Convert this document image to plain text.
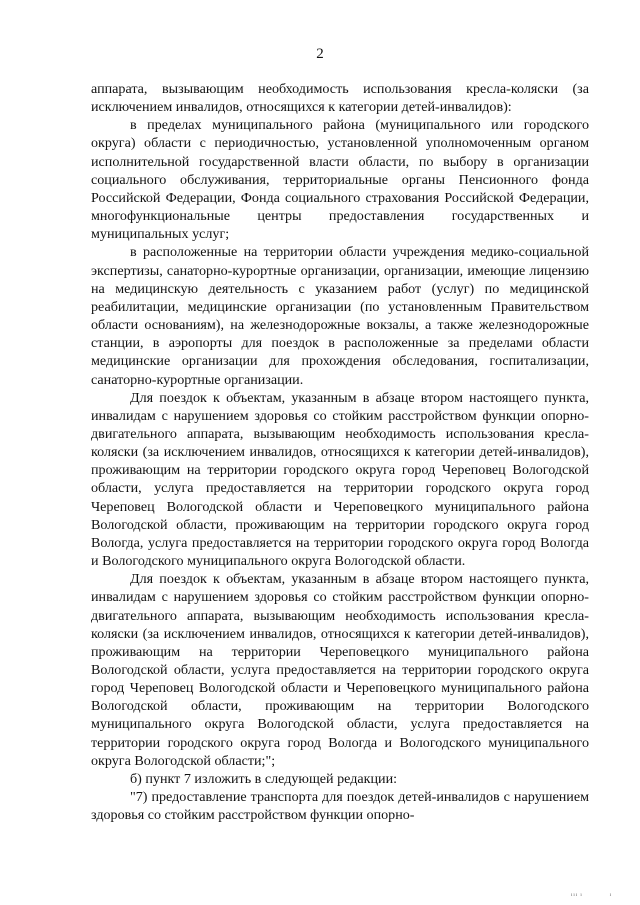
2

аппарата, вызывающим необходимость использования кресла-коляски (за исключением инвалидов, относящихся к категории детей-инвалидов):

в пределах муниципального района (муниципального или городского округа) области с периодичностью, установленной уполномоченным органом исполнительной государственной власти области, по выбору в организации социального обслуживания, территориальные органы Пенсионного фонда Российской Федерации, Фонда социального страхования Российской Федерации, многофункциональные центры предоставления государственных и муниципальных услуг;

в расположенные на территории области учреждения медико-социальной экспертизы, санаторно-курортные организации, организации, имеющие лицензию на медицинскую деятельность с указанием работ (услуг) по медицинской реабилитации, медицинские организации (по установленным Правительством области основаниям), на железнодорожные вокзалы, а также железнодорожные станции, в аэропорты для поездок в расположенные за пределами области медицинские организации для прохождения обследования, госпитализации, санаторно-курортные организации.

Для поездок к объектам, указанным в абзаце втором настоящего пункта, инвалидам с нарушением здоровья со стойким расстройством функции опорно-двигательного аппарата, вызывающим необходимость использования кресла-коляски (за исключением инвалидов, относящихся к категории детей-инвалидов), проживающим на территории городского округа город Череповец Вологодской области, услуга предоставляется на территории городского округа город Череповец Вологодской области и Череповецкого муниципального района Вологодской области, проживающим на территории городского округа город Вологда, услуга предоставляется на территории городского округа город Вологда и Вологодского муниципального округа Вологодской области.

Для поездок к объектам, указанным в абзаце втором настоящего пункта, инвалидам с нарушением здоровья со стойким расстройством функции опорно-двигательного аппарата, вызывающим необходимость использования кресла-коляски (за исключением инвалидов, относящихся к категории детей-инвалидов), проживающим на территории Череповецкого муниципального района Вологодской области, услуга предоставляется на территории городского округа город Череповец Вологодской области и Череповецкого муниципального района Вологодской области, проживающим на территории Вологодского муниципального округа Вологодской области, услуга предоставляется на территории городского округа город Вологда и Вологодского муниципального округа Вологодской области;";

б) пункт 7 изложить в следующей редакции:

"7) предоставление транспорта для поездок детей-инвалидов с нарушением здоровья со стойким расстройством функции опорно-

ııı ı            ı
